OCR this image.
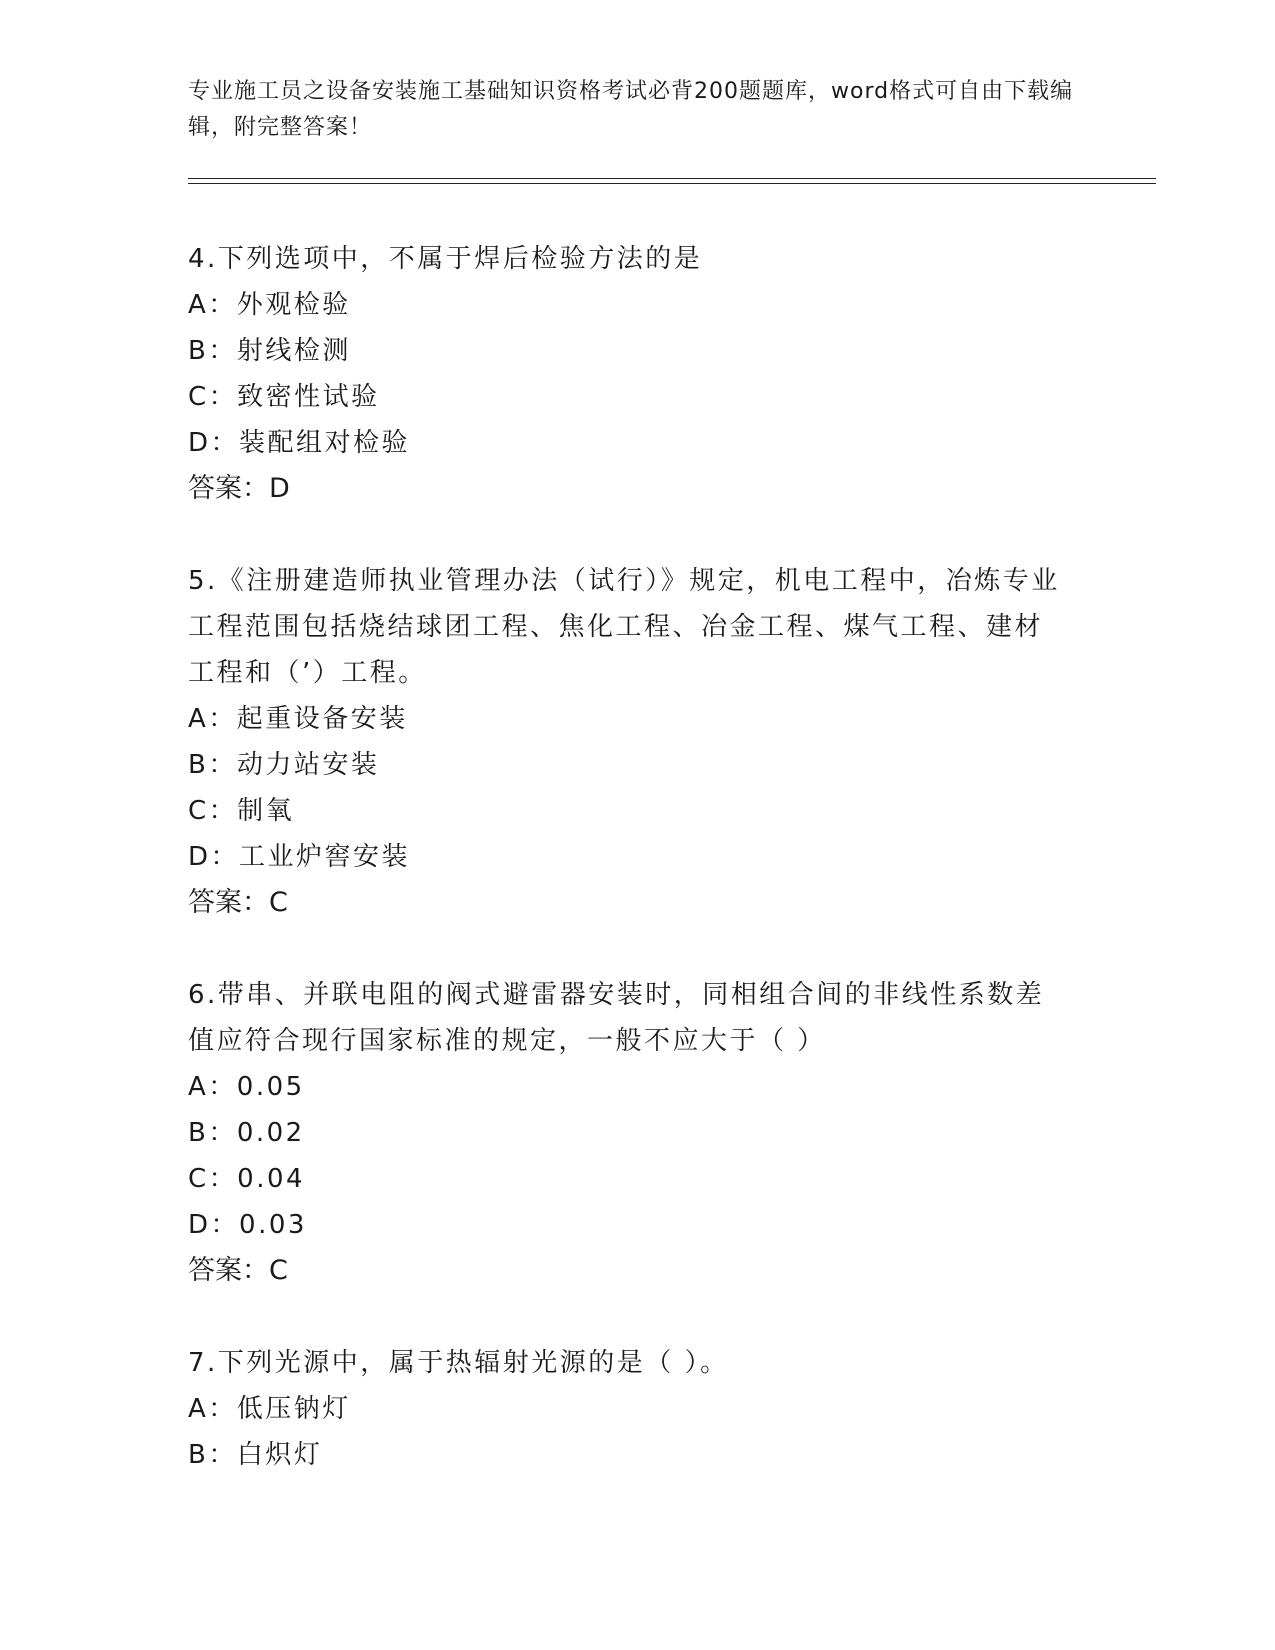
专业施工员之设备安装施工基础知识资格考试必背200题题库，word格式可自由下载编辑，附完整答案！

4.下列选项中，不属于焊后检验方法的是

A：外观检验

B：射线检测

C：致密性试验

D：装配组对检验

答案：D

5.《注册建造师执业管理办法（试行）》规定，机电工程中，冶炼专业工程范围包括烧结球团工程、焦化工程、冶金工程、煤气工程、建材工程和（’）工程。

A：起重设备安装

B：动力站安装

C：制氧

D：工业炉窖安装

答案：C

6.带串、并联电阻的阀式避雷器安装时，同相组合间的非线性系数差值应符合现行国家标准的规定，一般不应大于（ ）

A：0.05

B：0.02

C：0.04

D：0.03

答案：C

7.下列光源中，属于热辐射光源的是（ ）。

A：低压钠灯

B：白炽灯
